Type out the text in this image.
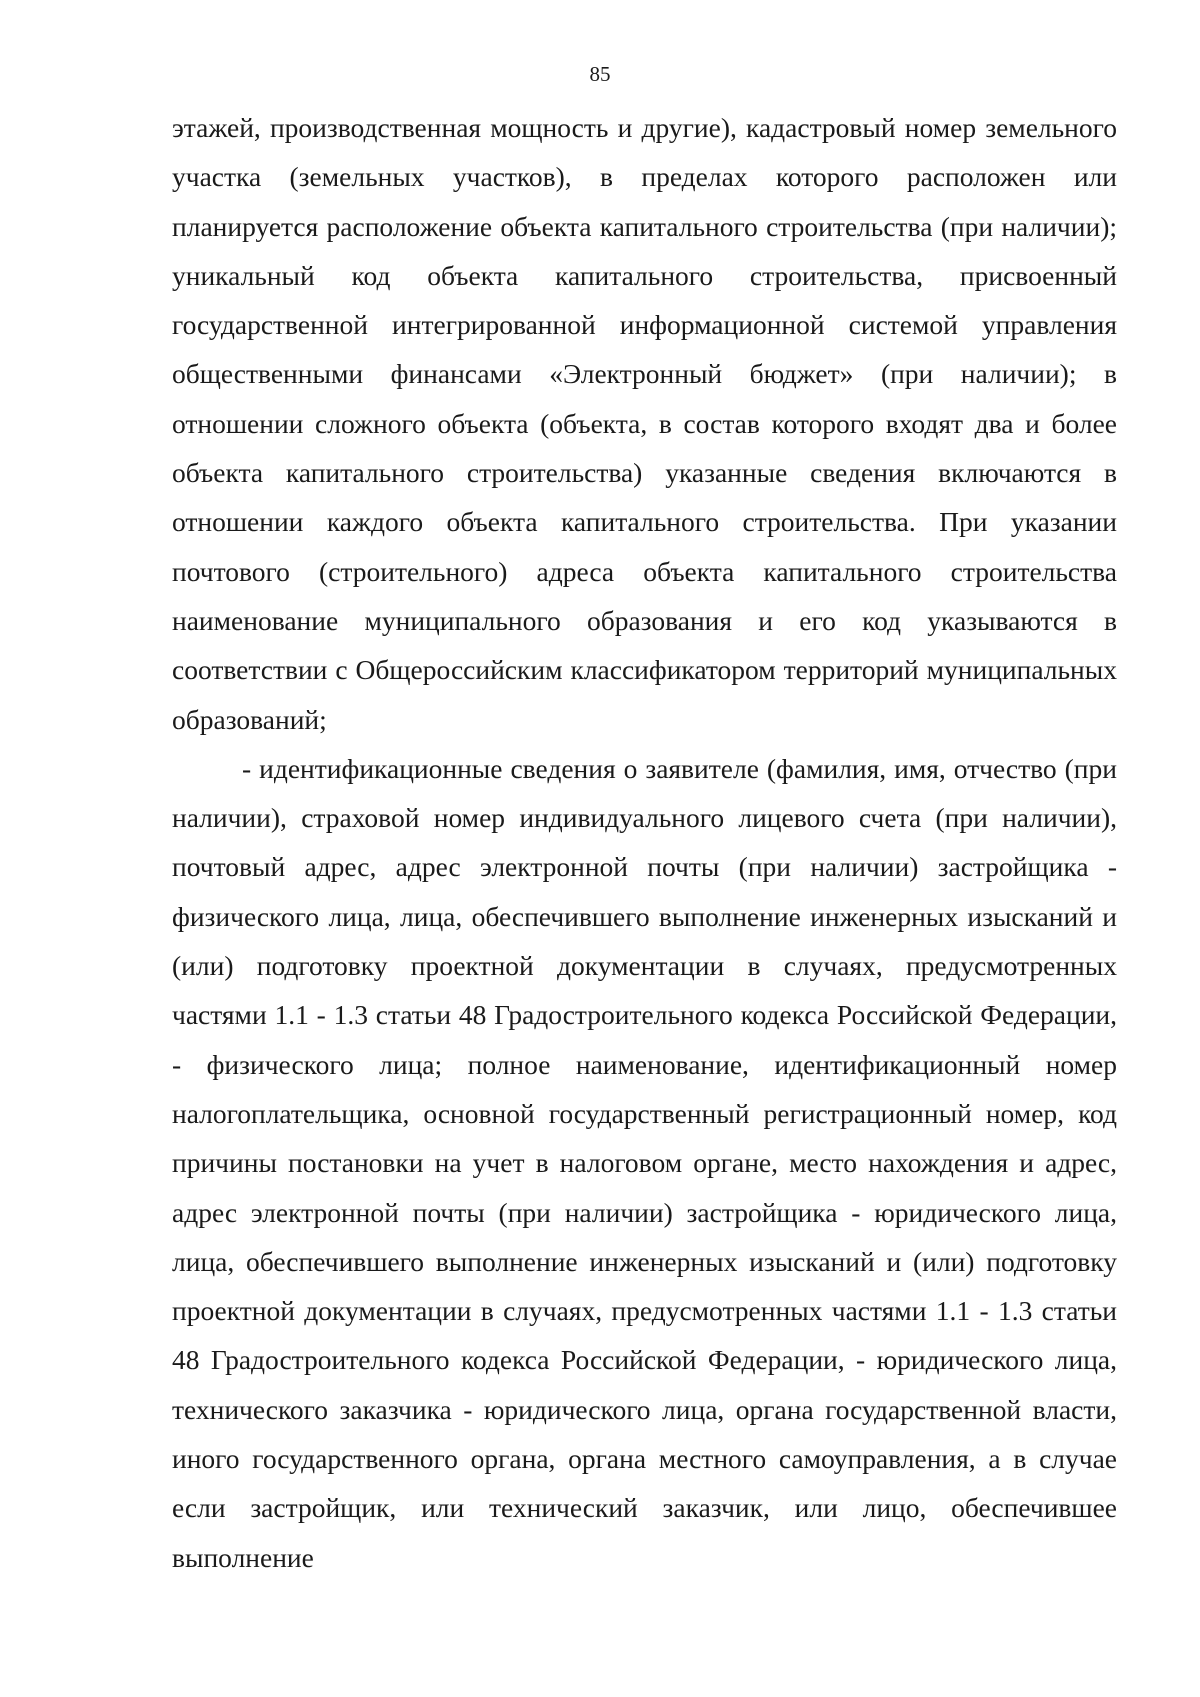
85

этажей, производственная мощность и другие), кадастровый номер земельного участка (земельных участков), в пределах которого расположен или планируется расположение объекта капитального строительства (при наличии); уникальный код объекта капитального строительства, присвоенный государственной интегрированной информационной системой управления общественными финансами «Электронный бюджет» (при наличии); в отношении сложного объекта (объекта, в состав которого входят два и более объекта капитального строительства) указанные сведения включаются в отношении каждого объекта капитального строительства. При указании почтового (строительного) адреса объекта капитального строительства наименование муниципального образования и его код указываются в соответствии с Общероссийским классификатором территорий муниципальных образований;

- идентификационные сведения о заявителе (фамилия, имя, отчество (при наличии), страховой номер индивидуального лицевого счета (при наличии), почтовый адрес, адрес электронной почты (при наличии) застройщика - физического лица, лица, обеспечившего выполнение инженерных изысканий и (или) подготовку проектной документации в случаях, предусмотренных частями 1.1 - 1.3 статьи 48 Градостроительного кодекса Российской Федерации, - физического лица; полное наименование, идентификационный номер налогоплательщика, основной государственный регистрационный номер, код причины постановки на учет в налоговом органе, место нахождения и адрес, адрес электронной почты (при наличии) застройщика - юридического лица, лица, обеспечившего выполнение инженерных изысканий и (или) подготовку проектной документации в случаях, предусмотренных частями 1.1 - 1.3 статьи 48 Градостроительного кодекса Российской Федерации, - юридического лица, технического заказчика - юридического лица, органа государственной власти, иного государственного органа, органа местного самоуправления, а в случае если застройщик, или технический заказчик, или лицо, обеспечившее выполнение
